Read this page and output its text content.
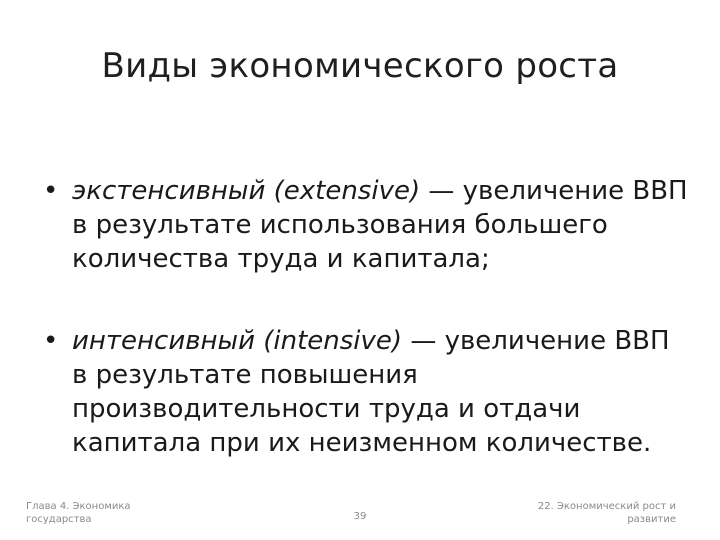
Виды экономического роста
• экстенсивный (extensive) — увеличение ВВП в результате использования большего количества труда и капитала;
• интенсивный (intensive) — увеличение ВВП в результате повышения производительности труда и отдачи капитала при их неизменном количестве.
Глава 4. Экономика государства	39
22. Экономический рост и развитие
